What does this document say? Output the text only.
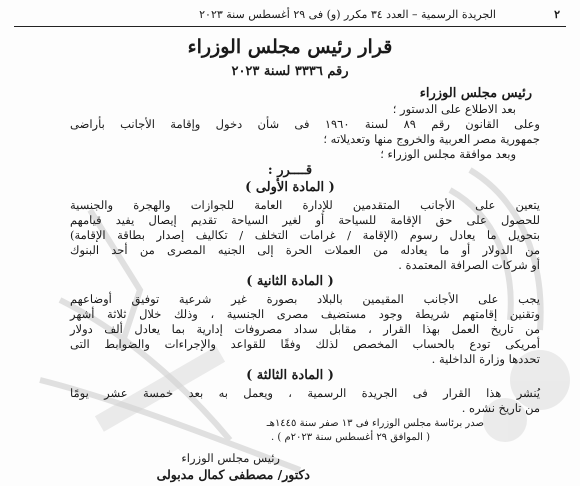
٢
الجريدة الرسمية – العدد ٣٤ مكرر (و) فى ٢٩ أغسطس سنة ٢٠٢٣
قرار رئيس مجلس الوزراء
رقم ٣٣٣٦ لسنة ٢٠٢٣
رئيس مجلس الوزراء
بعد الاطلاع على الدستور ؛
وعلى القانون رقم ٨٩ لسنة ١٩٦٠ فى شأن دخول وإقامة الأجانب بأراضى
جمهورية مصر العربية والخروج منها وتعديلاته ؛
وبعد موافقة مجلس الوزراء ؛
قــــرر :
( المادة الأولى )
يتعين على الأجانب المتقدمين للإدارة العامة للجوازات والهجرة والجنسية
للحصول على حق الإقامة للسياحة أو لغير السياحة تقديم إيصال يفيد قيامهم
بتحويل ما يعادل رسوم (الإقامة / غرامات التخلف / تكاليف إصدار بطاقة الإقامة)
من الدولار أو ما يعادله من العملات الحرة إلى الجنيه المصرى من أحد البنوك
أو شركات الصرافة المعتمدة .
( المادة الثانية )
يجب على الأجانب المقيمين بالبلاد بصورة غير شرعية توفيق أوضاعهم
وتقنين إقامتهم شريطة وجود مستضيف مصرى الجنسية ، وذلك خلال ثلاثة أشهر
من تاريخ العمل بهذا القرار ، مقابل سداد مصروفات إدارية بما يعادل ألف دولار
أمريكى تودع بالحساب المخصص لذلك وفقًا للقواعد والإجراءات والضوابط التى
تحددها وزارة الداخلية .
( المادة الثالثة )
يُنشر هذا القرار فى الجريدة الرسمية ، ويعمل به بعد خمسة عشر يومًا
من تاريخ نشره .
صدر برئاسة مجلس الوزراء فى ١٣ صفر سنة ١٤٤٥هـ
( الموافق ٢٩ أغسطس سنة ٢٠٢٣م ) .
رئيس مجلس الوزراء
دكتور/ مصطفى كمال مدبولى
